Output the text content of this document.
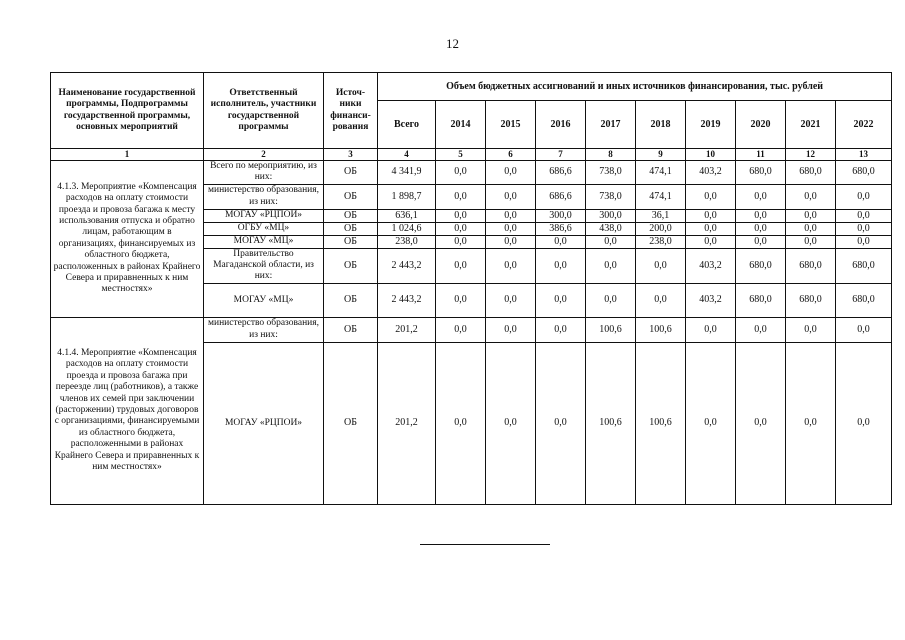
12
Наименование государственной программы, Подпрограммы государственной программы, основных мероприятий	Ответственный исполнитель, участники государственной программы	Источ-ники финанси-рования	Объем бюджетных ассигнований и иных источников финансирования, тыс. рублей									
			Всего	2014	2015	2016	2017	2018	2019	2020	2021	2022
1	2	3	4	5	6	7	8	9	10	11	12	13
4.1.3. Мероприятие «Компенсация расходов на оплату стоимости проезда и провоза багажа к месту использования отпуска и обратно лицам, работающим в организациях, финансируемых из областного бюджета, расположенных в районах Крайнего Севера и приравненных к ним местностях»	Всего по мероприятию, из них:	ОБ	4 341,9	0,0	0,0	686,6	738,0	474,1	403,2	680,0	680,0	680,0
	министерство образования, из них:	ОБ	1 898,7	0,0	0,0	686,6	738,0	474,1	0,0	0,0	0,0	0,0
	МОГАУ «РЦПОИ»	ОБ	636,1	0,0	0,0	300,0	300,0	36,1	0,0	0,0	0,0	0,0
	ОГБУ «МЦ»	ОБ	1 024,6	0,0	0,0	386,6	438,0	200,0	0,0	0,0	0,0	0,0
	МОГАУ «МЦ»	ОБ	238,0	0,0	0,0	0,0	0,0	238,0	0,0	0,0	0,0	0,0
	Правительство Магаданской области, из них:	ОБ	2 443,2	0,0	0,0	0,0	0,0	0,0	403,2	680,0	680,0	680,0
	МОГАУ «МЦ»	ОБ	2 443,2	0,0	0,0	0,0	0,0	0,0	403,2	680,0	680,0	680,0
4.1.4. Мероприятие «Компенсация расходов на оплату стоимости проезда и провоза багажа при переезде лиц (работников), а также членов их семей при заключении (расторжении) трудовых договоров с организациями, финансируемыми из областного бюджета, расположенными в районах Крайнего Севера и приравненных к ним местностях»	министерство образования, из них:	ОБ	201,2	0,0	0,0	0,0	100,6	100,6	0,0	0,0	0,0	0,0
	МОГАУ «РЦПОИ»	ОБ	201,2	0,0	0,0	0,0	100,6	100,6	0,0	0,0	0,0	0,0
